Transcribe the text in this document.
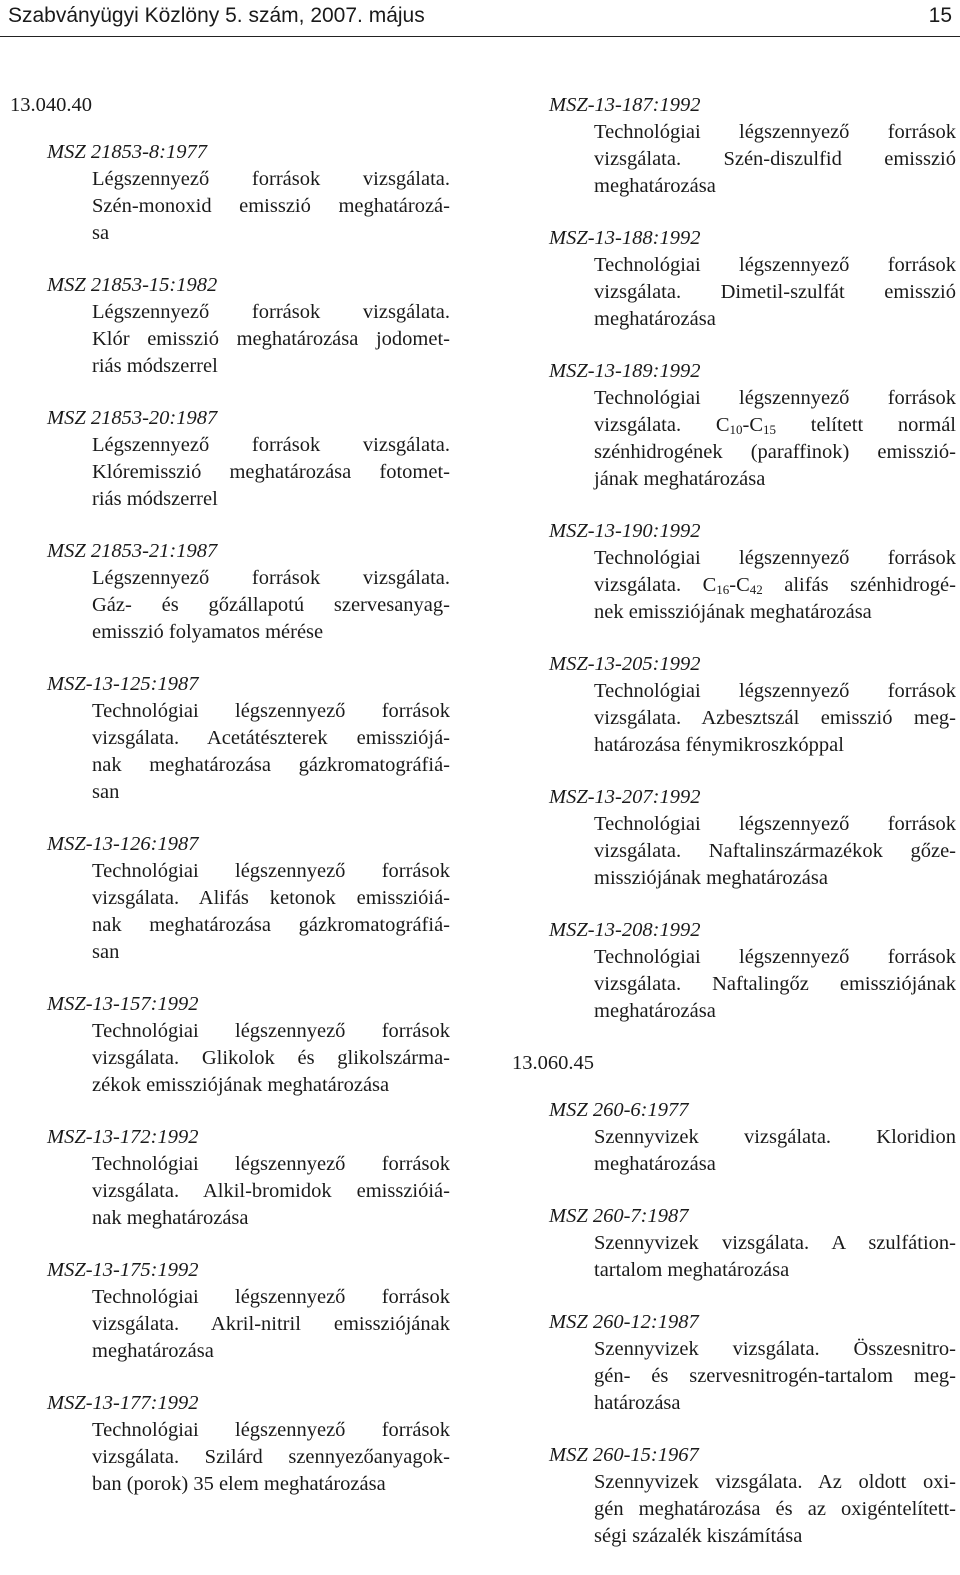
Szabványügyi Közlöny 5. szám, 2007. május	15
13.040.40
MSZ 21853-8:1977
Légszennyező források vizsgálata.
Szén-monoxid emisszió meghatározá-
sa
MSZ 21853-15:1982
Légszennyező források vizsgálata.
Klór emisszió meghatározása jodomet-
riás módszerrel
MSZ 21853-20:1987
Légszennyező források vizsgálata.
Klóremisszió meghatározása fotomet-
riás módszerrel
MSZ 21853-21:1987
Légszennyező források vizsgálata.
Gáz- és gőzállapotú szervesanyag-
emisszió folyamatos mérése
MSZ-13-125:1987
Technológiai légszennyező források
vizsgálata. Acetátészterek emissziójá-
nak meghatározása gázkromatográfiá-
san
MSZ-13-126:1987
Technológiai légszennyező források
vizsgálata. Alifás ketonok emisszióiá-
nak meghatározása gázkromatográfiá-
san
MSZ-13-157:1992
Technológiai légszennyező források
vizsgálata. Glikolok és glikolszárma-
zékok emissziójának meghatározása
MSZ-13-172:1992
Technológiai légszennyező források
vizsgálata. Alkil-bromidok emisszióiá-
nak meghatározása
MSZ-13-175:1992
Technológiai légszennyező források
vizsgálata. Akril-nitril emissziójának
meghatározása
MSZ-13-177:1992
Technológiai légszennyező források
vizsgálata. Szilárd szennyezőanyagok-
ban (porok) 35 elem meghatározása
MSZ-13-187:1992
Technológiai légszennyező források
vizsgálata. Szén-diszulfid emisszió
meghatározása
MSZ-13-188:1992
Technológiai légszennyező források
vizsgálata. Dimetil-szulfát emisszió
meghatározása
MSZ-13-189:1992
Technológiai légszennyező források
vizsgálata. $C_{10}-C_{15}$ telített normál
szénhidrogének (paraffinok) emisszió-
jának meghatározása
MSZ-13-190:1992
Technológiai légszennyező források
vizsgálata. $C_{16}-C_{42}$ alifás szénhidrogé-
nek emissziójának meghatározása
MSZ-13-205:1992
Technológiai légszennyező források
vizsgálata. Azbesztszál emisszió meg-
határozása fénymikroszkóppal
MSZ-13-207:1992
Technológiai légszennyező források
vizsgálata. Naftalinszármazékok gőze-
missziójának meghatározása
MSZ-13-208:1992
Technológiai légszennyező források
vizsgálata. Naftalingőz emissziójának
meghatározása
13.060.45
MSZ 260-6:1977
Szennyvizek vizsgálata. Kloridion
meghatározása
MSZ 260-7:1987
Szennyvizek vizsgálata. A szulfátion-
tartalom meghatározása
MSZ 260-12:1987
Szennyvizek vizsgálata. Összesnitro-
gén- és szervesnitrogén-tartalom meg-
határozása
MSZ 260-15:1967
Szennyvizek vizsgálata. Az oldott oxi-
gén meghatározása és az oxigéntelített-
ségi százalék kiszámítása
